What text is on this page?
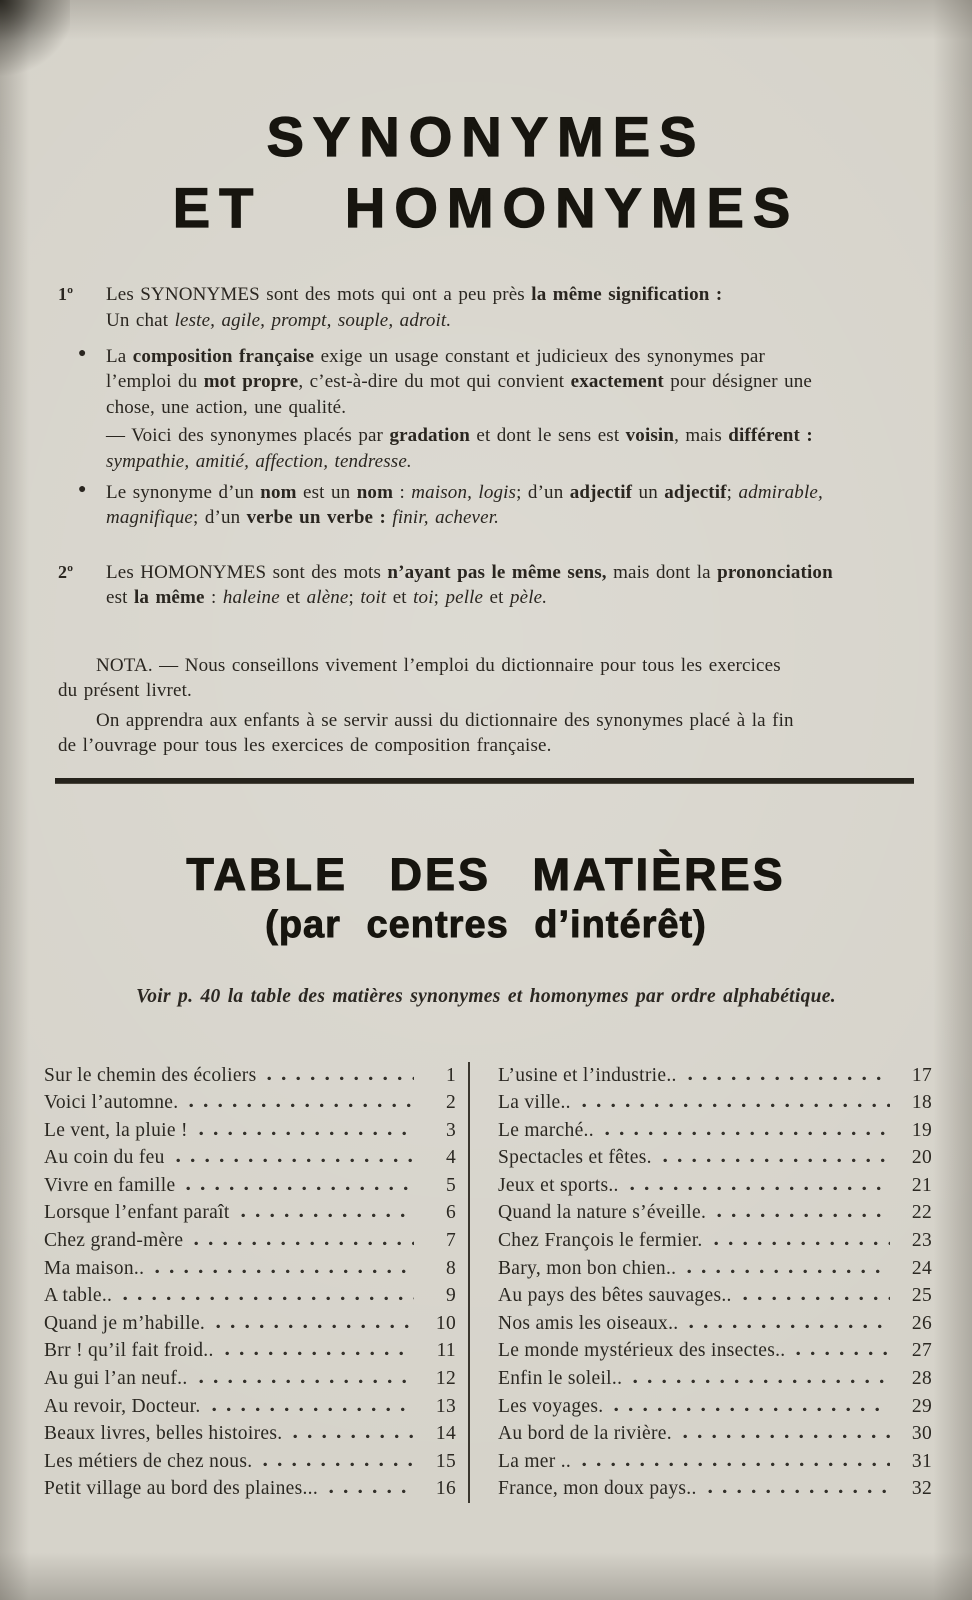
SYNONYMES
ET HOMONYMES

1º Les SYNONYMES sont des mots qui ont a peu près la même signification :
Un chat leste, agile, prompt, souple, adroit.

● La composition française exige un usage constant et judicieux des synonymes par
l’emploi du mot propre, c’est-à-dire du mot qui convient exactement pour désigner une
chose, une action, une qualité.

— Voici des synonymes placés par gradation et dont le sens est voisin, mais différent :
sympathie, amitié, affection, tendresse.

● Le synonyme d’un nom est un nom : maison, logis; d’un adjectif un adjectif; admirable,
magnifique; d’un verbe un verbe : finir, achever.

2º Les HOMONYMES sont des mots n’ayant pas le même sens, mais dont la prononciation
est la même : haleine et alène; toit et toi; pelle et pèle.

NOTA. — Nous conseillons vivement l’emploi du dictionnaire pour tous les exercices
du présent livret.

On apprendra aux enfants à se servir aussi du dictionnaire des synonymes placé à la fin
de l’ouvrage pour tous les exercices de composition française.

TABLE DES MATIÈRES
(par centres d’intérêt)
Voir p. 40 la table des matières synonymes et homonymes par ordre alphabétique.
Sur le chemin des écoliers	1
Voici l’automne.	2
Le vent, la pluie !	3
Au coin du feu	4
Vivre en famille	5
Lorsque l’enfant paraît	6
Chez grand-mère	7
Ma maison..	8
A table..	9
Quand je m’habille.	10
Brr ! qu’il fait froid..	11
Au gui l’an neuf..	12
Au revoir, Docteur.	13
Beaux livres, belles histoires.	14
Les métiers de chez nous.	15
Petit village au bord des plaines...	16
L’usine et l’industrie..	17
La ville..	18
Le marché..	19
Spectacles et fêtes.	20
Jeux et sports..	21
Quand la nature s’éveille.	22
Chez François le fermier.	23
Bary, mon bon chien..	24
Au pays des bêtes sauvages..	25
Nos amis les oiseaux..	26
Le monde mystérieux des insectes..	27
Enfin le soleil..	28
Les voyages.	29
Au bord de la rivière.	30
La mer ..	31
France, mon doux pays..	32
